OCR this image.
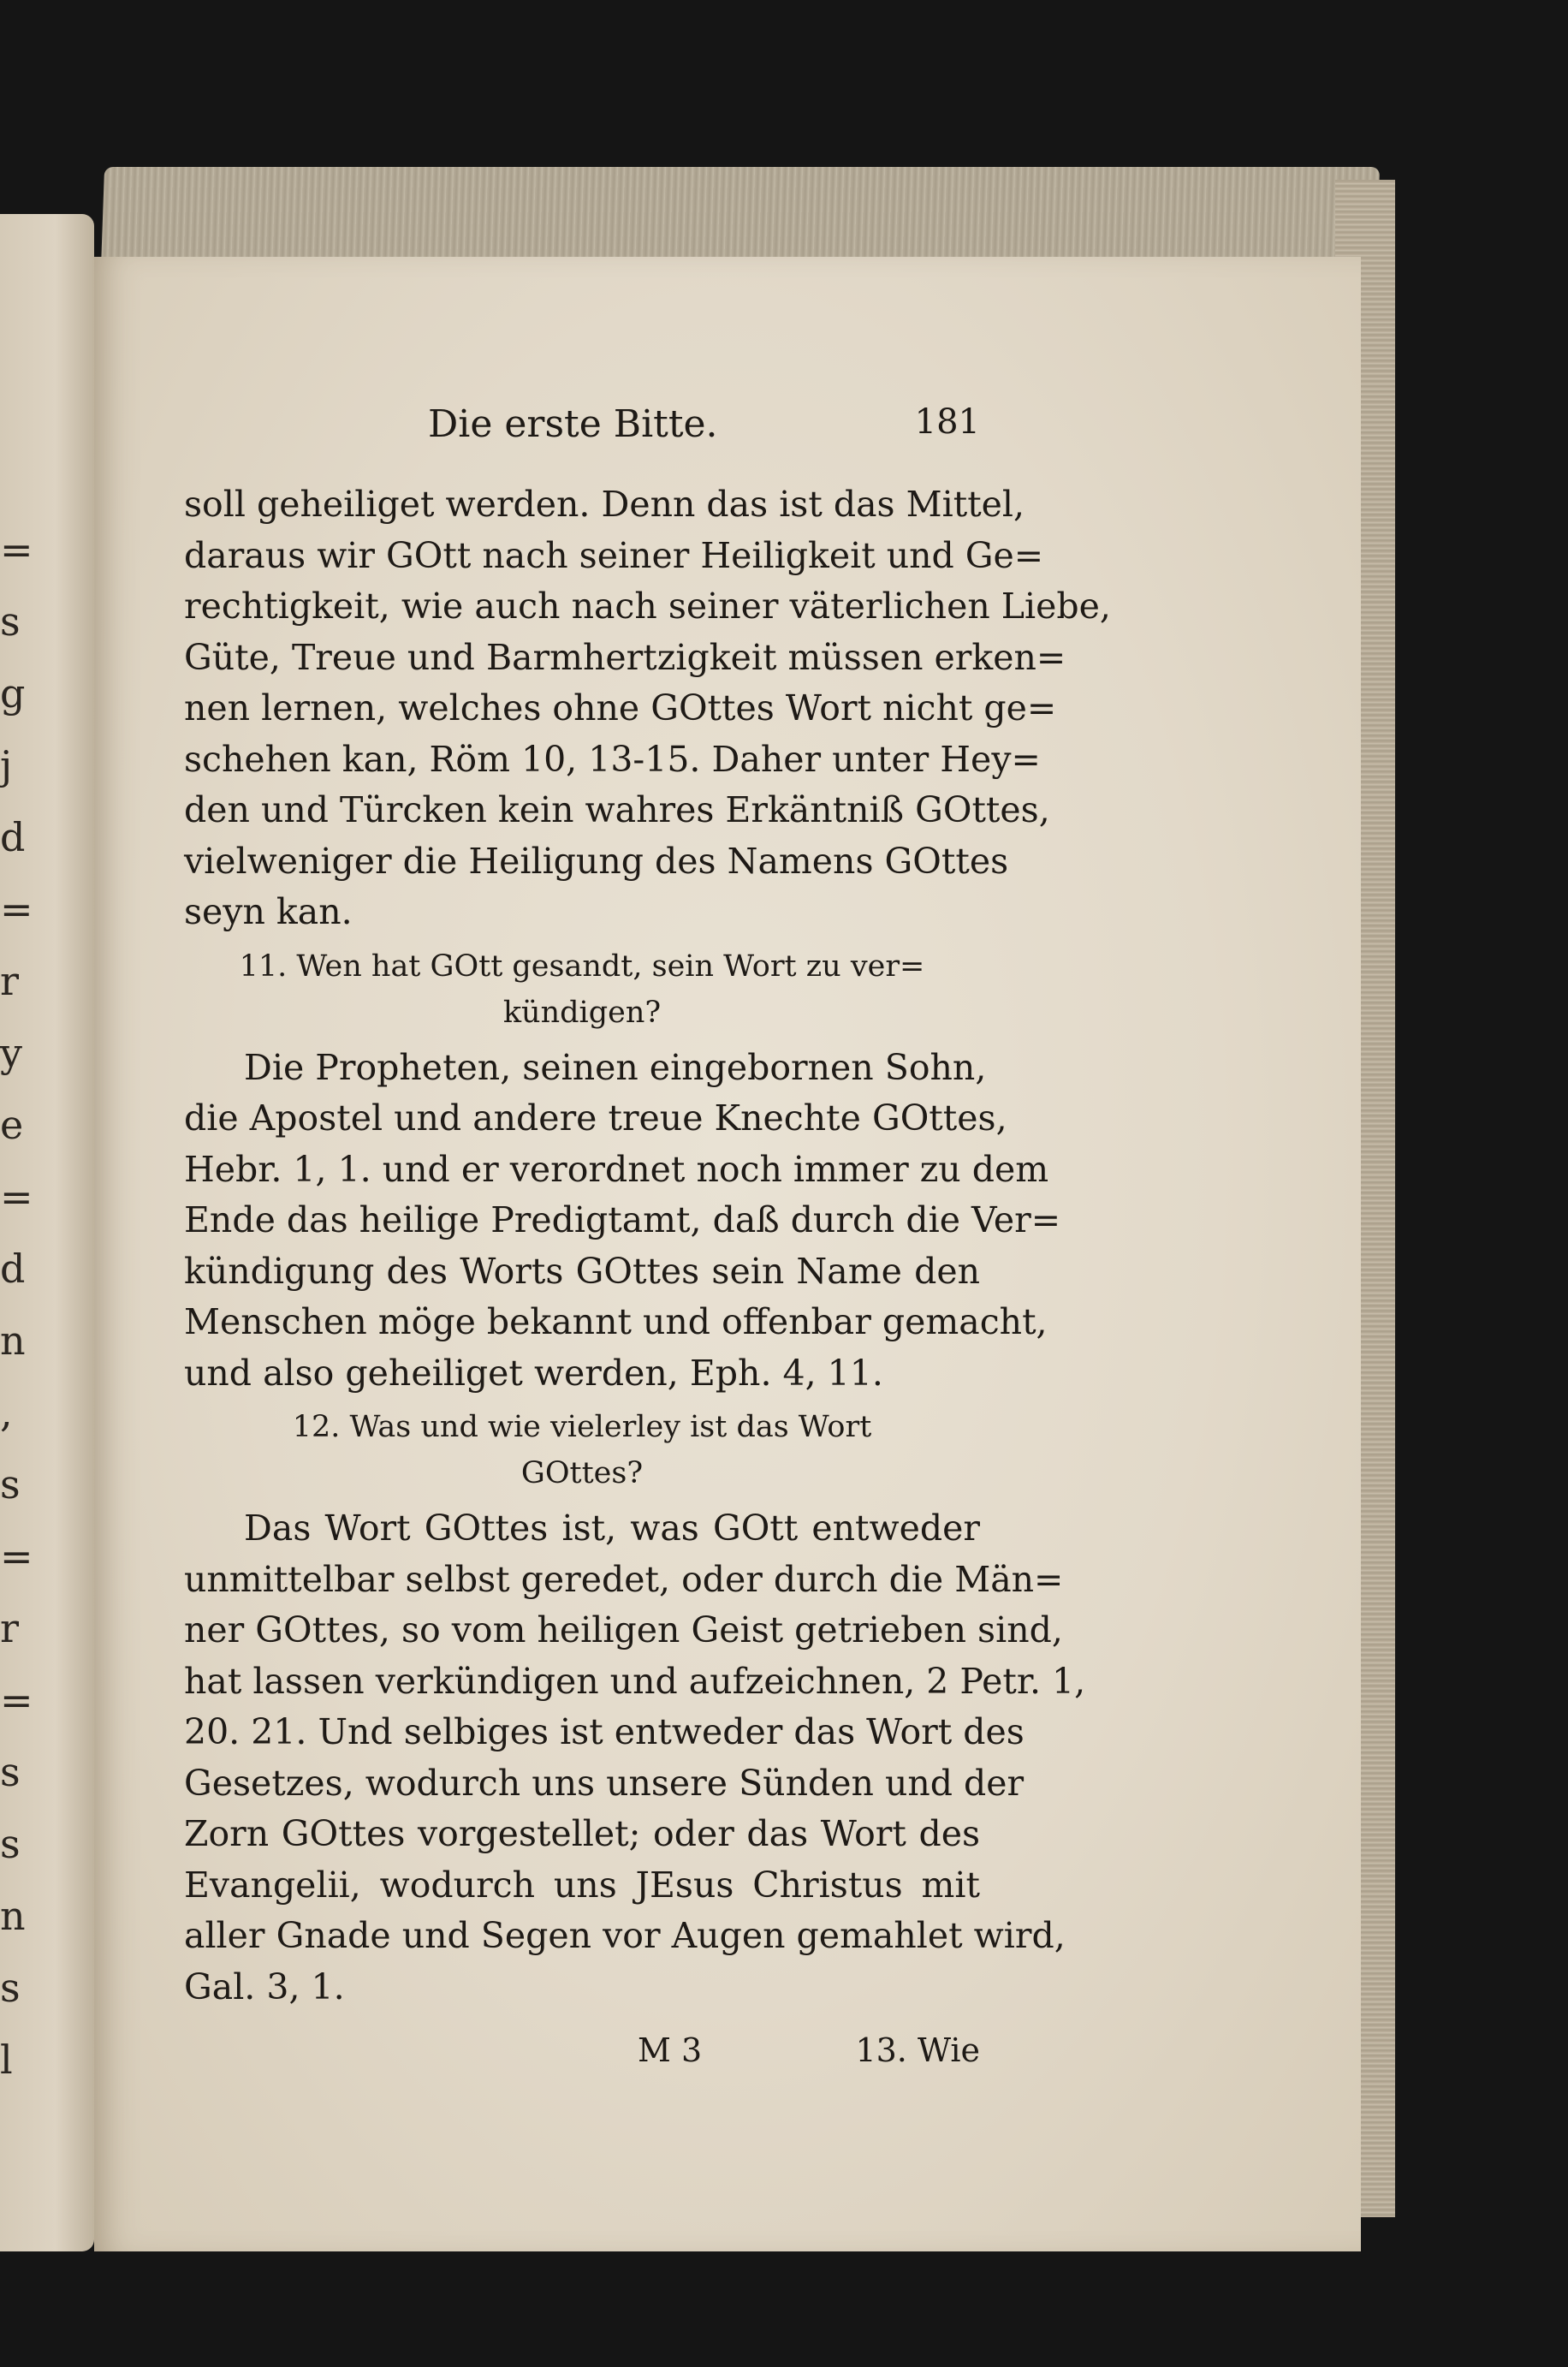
=
s
g
j
d
=
r
y
e
=
d
n
,
s
=
r
=
s
s
n
s
l
Die erste Bitte.	181
soll geheiliget werden. Denn das ist das Mittel,
daraus wir GOtt nach seiner Heiligkeit und Ge=
rechtigkeit, wie auch nach seiner väterlichen Liebe,
Güte, Treue und Barmhertzigkeit müssen erken=
nen lernen, welches ohne GOttes Wort nicht ge=
schehen kan, Röm 10, 13-15. Daher unter Hey=
den und Türcken kein wahres Erkäntniß GOttes,
vielweniger die Heiligung des Namens GOttes
seyn kan.
11. Wen hat GOtt gesandt, sein Wort zu ver=
kündigen?
Die Propheten, seinen eingebornen Sohn,
die Apostel und andere treue Knechte GOttes,
Hebr. 1, 1. und er verordnet noch immer zu dem
Ende das heilige Predigtamt, daß durch die Ver=
kündigung des Worts GOttes sein Name den
Menschen möge bekannt und offenbar gemacht,
und also geheiliget werden, Eph. 4, 11.
12. Was und wie vielerley ist das Wort
GOttes?
Das Wort GOttes ist, was GOtt entweder
unmittelbar selbst geredet, oder durch die Män=
ner GOttes, so vom heiligen Geist getrieben sind,
hat lassen verkündigen und aufzeichnen, 2 Petr. 1,
20. 21. Und selbiges ist entweder das Wort des
Gesetzes, wodurch uns unsere Sünden und der
Zorn GOttes vorgestellet; oder das Wort des
Evangelii, wodurch uns JEsus Christus mit
aller Gnade und Segen vor Augen gemahlet wird,
Gal. 3, 1.
M 3	13. Wie
